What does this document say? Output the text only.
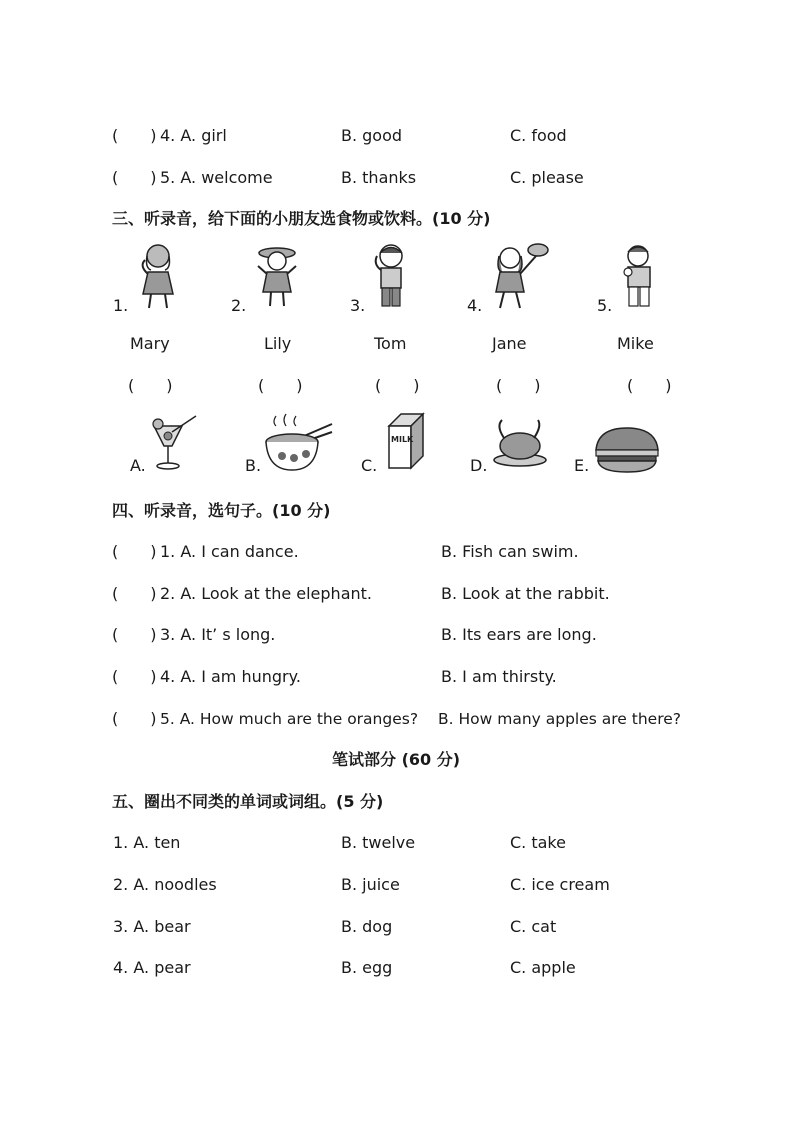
(　　) 4. A. girl	B. good	C. food
(　　) 5. A. welcome	B. thanks	C. please
三、听录音，给下面的小朋友选食物或饮料。(10 分)
1.	2.	3.	4.	5.
Mary	Lily	Tom	Jane	Mike
(　　)	(　　)	(　　)	(　　)	(　　)
A.	B.	C.	D.	E.
MILK
四、听录音，选句子。(10 分)
(　　) 1. A. I can dance.	B. Fish can swim.
(　　) 2. A. Look at the elephant.	B. Look at the rabbit.
(　　) 3. A. It’ s long.	B. Its ears are long.
(　　) 4. A. I am hungry.	B. I am thirsty.
(　　) 5. A. How much are the oranges? B. How many apples are there?
笔试部分 (60 分)
五、圈出不同类的单词或词组。(5 分)
1. A. ten	B. twelve	C. take
2. A. noodles	B. juice	C. ice cream
3. A. bear	B. dog	C. cat
4. A. pear	B. egg	C. apple
